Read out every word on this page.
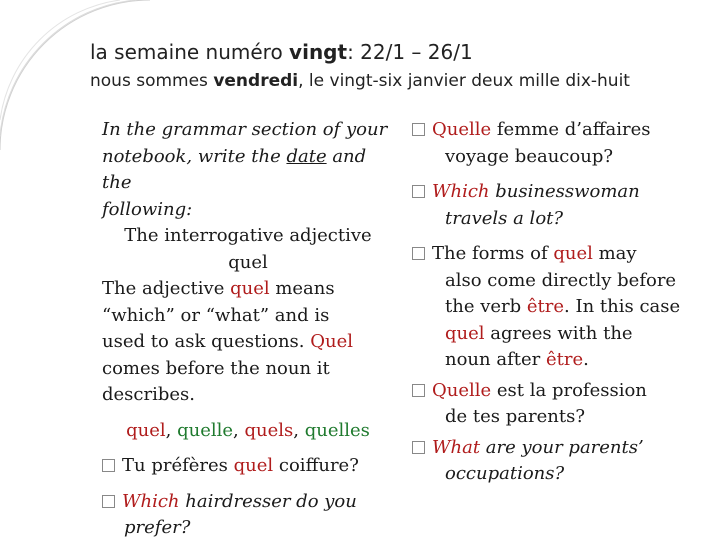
la semaine numéro vingt: 22/1 – 26/1
nous sommes vendredi, le vingt-six janvier deux mille dix-huit
In the grammar section of your
notebook, write the date and the
following:
The interrogative adjective
quel
The adjective quel means
“which” or “what” and is
used to ask questions. Quel
comes before the noun it
describes.
quel, quelle, quels, quelles
Tu préfères quel coiffure?
Which hairdresser do you
prefer?
Quelle femme d’affaires
voyage beaucoup?
Which businesswoman
travels a lot?
The forms of quel may
also come directly before
the verb être. In this case
quel agrees with the
noun after être.
Quelle est la profession
de tes parents?
What are your parents’
occupations?
